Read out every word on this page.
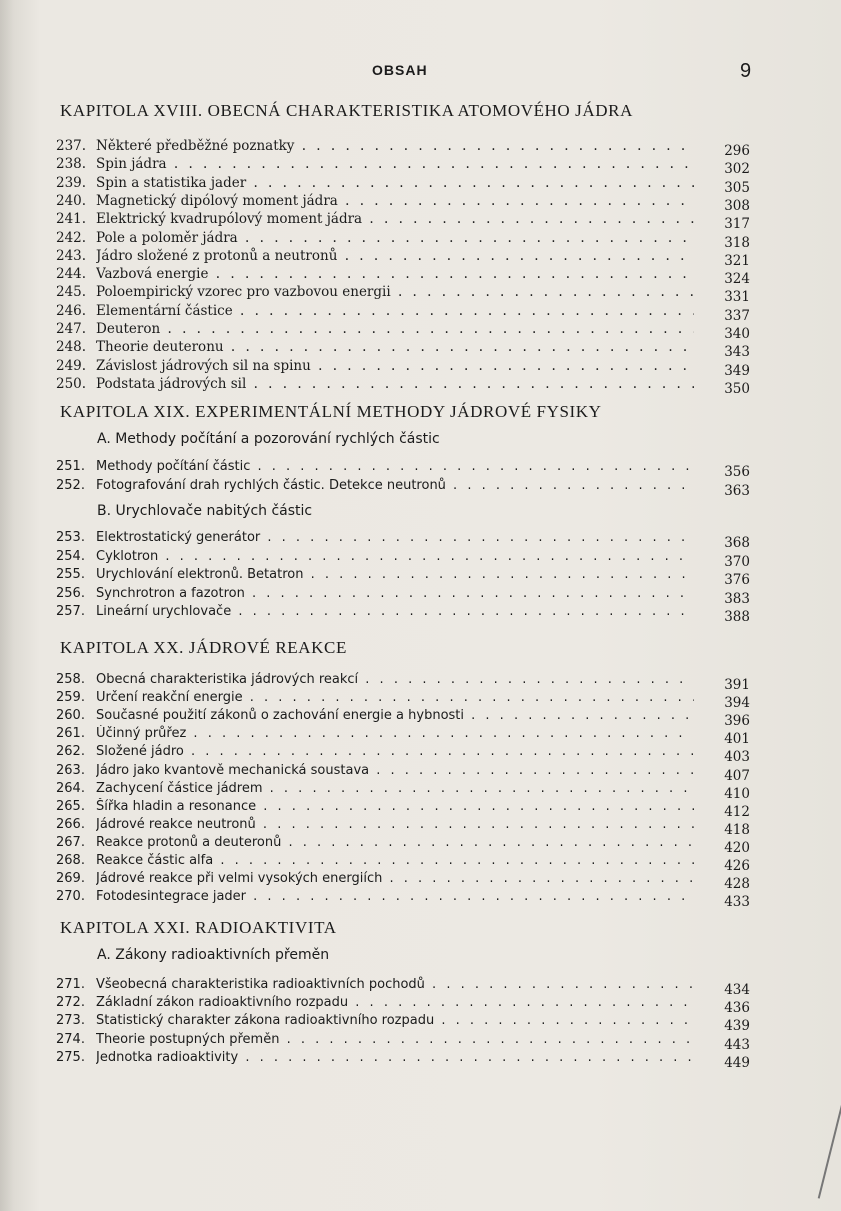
OBSAH	9
KAPITOLA XVIII. OBECNÁ CHARAKTERISTIKA ATOMOVÉHO JÁDRA
237. Některé předběžné poznatky . . .	296
238. Spin jádra . . .	302
239. Spin a statistika jader . . .	305
240. Magnetický dipólový moment jádra . . .	308
241. Elektrický kvadrupólový moment jádra . . .	317
242. Pole a poloměr jádra . . .	318
243. Jádro složené z protonů a neutronů . . .	321
244. Vazbová energie . . .	324
245. Poloempirický vzorec pro vazbovou energii . . .	331
246. Elementární částice . . .	337
247. Deuteron . . .	340
248. Theorie deuteronu . . .	343
249. Závislost jádrových sil na spinu . . .	349
250. Podstata jádrových sil . . .	350
KAPITOLA XIX. EXPERIMENTÁLNÍ METHODY JÁDROVÉ FYSIKY
A. Methody počítání a pozorování rychlých částic
251. Methody počítání částic . . .	356
252. Fotografování drah rychlých částic. Detekce neutronů . . .	363
B. Urychlovače nabitých částic
253. Elektrostatický generátor . . .	368
254. Cyklotron . . .	370
255. Urychlování elektronů. Betatron . . .	376
256. Synchrotron a fazotron . . .	383
257. Lineární urychlovače . . .	388
KAPITOLA XX. JÁDROVÉ REAKCE
258. Obecná charakteristika jádrových reakcí . . .	391
259. Určení reakční energie . . .	394
260. Současné použití zákonů o zachování energie a hybnosti . . .	396
261. Účinný průřez . . .	401
262. Složené jádro . . .	403
263. Jádro jako kvantově mechanická soustava . . .	407
264. Zachycení částice jádrem . . .	410
265. Šířka hladin a resonance . . .	412
266. Jádrové reakce neutronů . . .	418
267. Reakce protonů a deuteronů . . .	420
268. Reakce částic alfa . . .	426
269. Jádrové reakce při velmi vysokých energiích . . .	428
270. Fotodesintegrace jader . . .	433
KAPITOLA XXI. RADIOAKTIVITA
A. Zákony radioaktivních přeměn
271. Všeobecná charakteristika radioaktivních pochodů . . .	434
272. Základní zákon radioaktivního rozpadu . . .	436
273. Statistický charakter zákona radioaktivního rozpadu . . .	439
274. Theorie postupných přeměn . . .	443
275. Jednotka radioaktivity . . .	449
